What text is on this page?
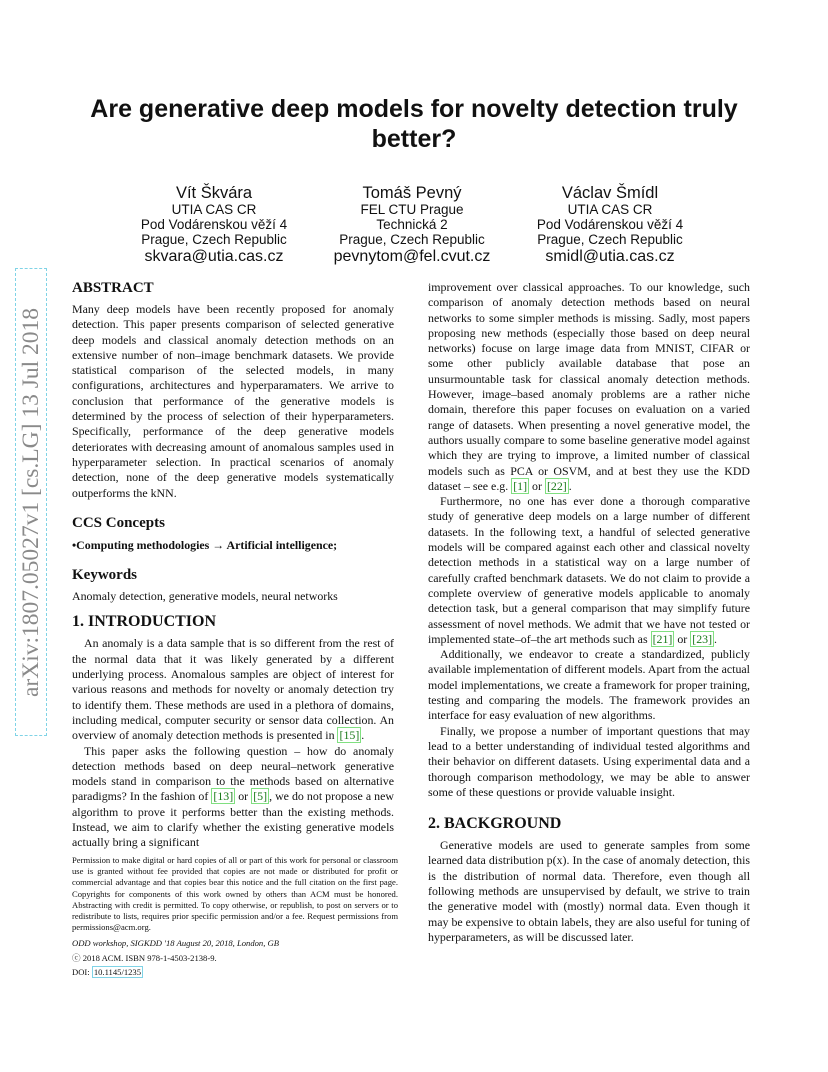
arXiv:1807.05027v1 [cs.LG] 13 Jul 2018
Are generative deep models for novelty detection truly better?
Vít Škvára
UTIA CAS CR
Pod Vodárenskou věží 4
Prague, Czech Republic
skvara@utia.cas.cz
Tomáš Pevný
FEL CTU Prague
Technická 2
Prague, Czech Republic
pevnytom@fel.cvut.cz
Václav Šmídl
UTIA CAS CR
Pod Vodárenskou věží 4
Prague, Czech Republic
smidl@utia.cas.cz
ABSTRACT

Many deep models have been recently proposed for anomaly detection. This paper presents comparison of selected generative deep models and classical anomaly detection methods on an extensive number of non–image benchmark datasets. We provide statistical comparison of the selected models, in many configurations, architectures and hyperparamaters. We arrive to conclusion that performance of the generative models is determined by the process of selection of their hyperparameters. Specifically, performance of the deep generative models deteriorates with decreasing amount of anomalous samples used in hyperparameter selection. In practical scenarios of anomaly detection, none of the deep generative models systematically outperforms the kNN.

CCS Concepts

•Computing methodologies → Artificial intelligence;

Keywords

Anomaly detection, generative models, neural networks

1. INTRODUCTION

An anomaly is a data sample that is so different from the rest of the normal data that it was likely generated by a different underlying process. Anomalous samples are object of interest for various reasons and methods for novelty or anomaly detection try to identify them. These methods are used in a plethora of domains, including medical, computer security or sensor data collection. An overview of anomaly detection methods is presented in [15] .

This paper asks the following question – how do anomaly detection methods based on deep neural–network generative models stand in comparison to the methods based on alternative paradigms? In the fashion of [13] or [5] , we do not propose a new algorithm to prove it performs better than the existing methods. Instead, we aim to clarify whether the existing generative models actually bring a significant

improvement over classical approaches. To our knowledge, such comparison of anomaly detection methods based on neural networks to some simpler methods is missing. Sadly, most papers proposing new methods (especially those based on deep neural networks) focuse on large image data from MNIST, CIFAR or some other publicly available database that pose an unsurmountable task for classical anomaly detection methods. However, image–based anomaly problems are a rather niche domain, therefore this paper focuses on evaluation on a varied range of datasets. When presenting a novel generative model, the authors usually compare to some baseline generative model against which they are trying to improve, a limited number of classical models such as PCA or OSVM, and at best they use the KDD dataset – see e.g. [1] or [22] .

Furthermore, no one has ever done a thorough comparative study of generative deep models on a large number of different datasets. In the following text, a handful of selected generative models will be compared against each other and classical novelty detection methods in a statistical way on a large number of carefully crafted benchmark datasets. We do not claim to provide a complete overview of generative models applicable to anomaly detection task, but a general comparison that may simplify future assessment of novel methods. We admit that we have not tested or implemented state–of–the art methods such as [21] or [23] .

Additionally, we endeavor to create a standardized, publicly available implementation of different models. Apart from the actual model implementations, we create a framework for proper training, testing and comparing the models. The framework provides an interface for easy evaluation of new algorithms.

Finally, we propose a number of important questions that may lead to a better understanding of individual tested algorithms and their behavior on different datasets. Using experimental data and a thorough comparison methodology, we may be able to answer some of these questions or provide valuable insight.

2. BACKGROUND

Generative models are used to generate samples from some learned data distribution p(x). In the case of anomaly detection, this is the distribution of normal data. Therefore, even though all following methods are unsupervised by default, we strive to train the generative model with (mostly) normal data. Even though it may be expensive to obtain labels, they are also useful for tuning of hyperparameters, as will be discussed later.

Permission to make digital or hard copies of all or part of this work for personal or classroom use is granted without fee provided that copies are not made or distributed for profit or commercial advantage and that copies bear this notice and the full citation on the first page. Copyrights for components of this work owned by others than ACM must be honored. Abstracting with credit is permitted. To copy otherwise, or republish, to post on servers or to redistribute to lists, requires prior specific permission and/or a fee. Request permissions from permissions@acm.org.

ODD workshop, SIGKDD '18 August 20, 2018, London, GB

ⓒ 2018 ACM. ISBN 978-1-4503-2138-9.

DOI: 10.1145/1235
